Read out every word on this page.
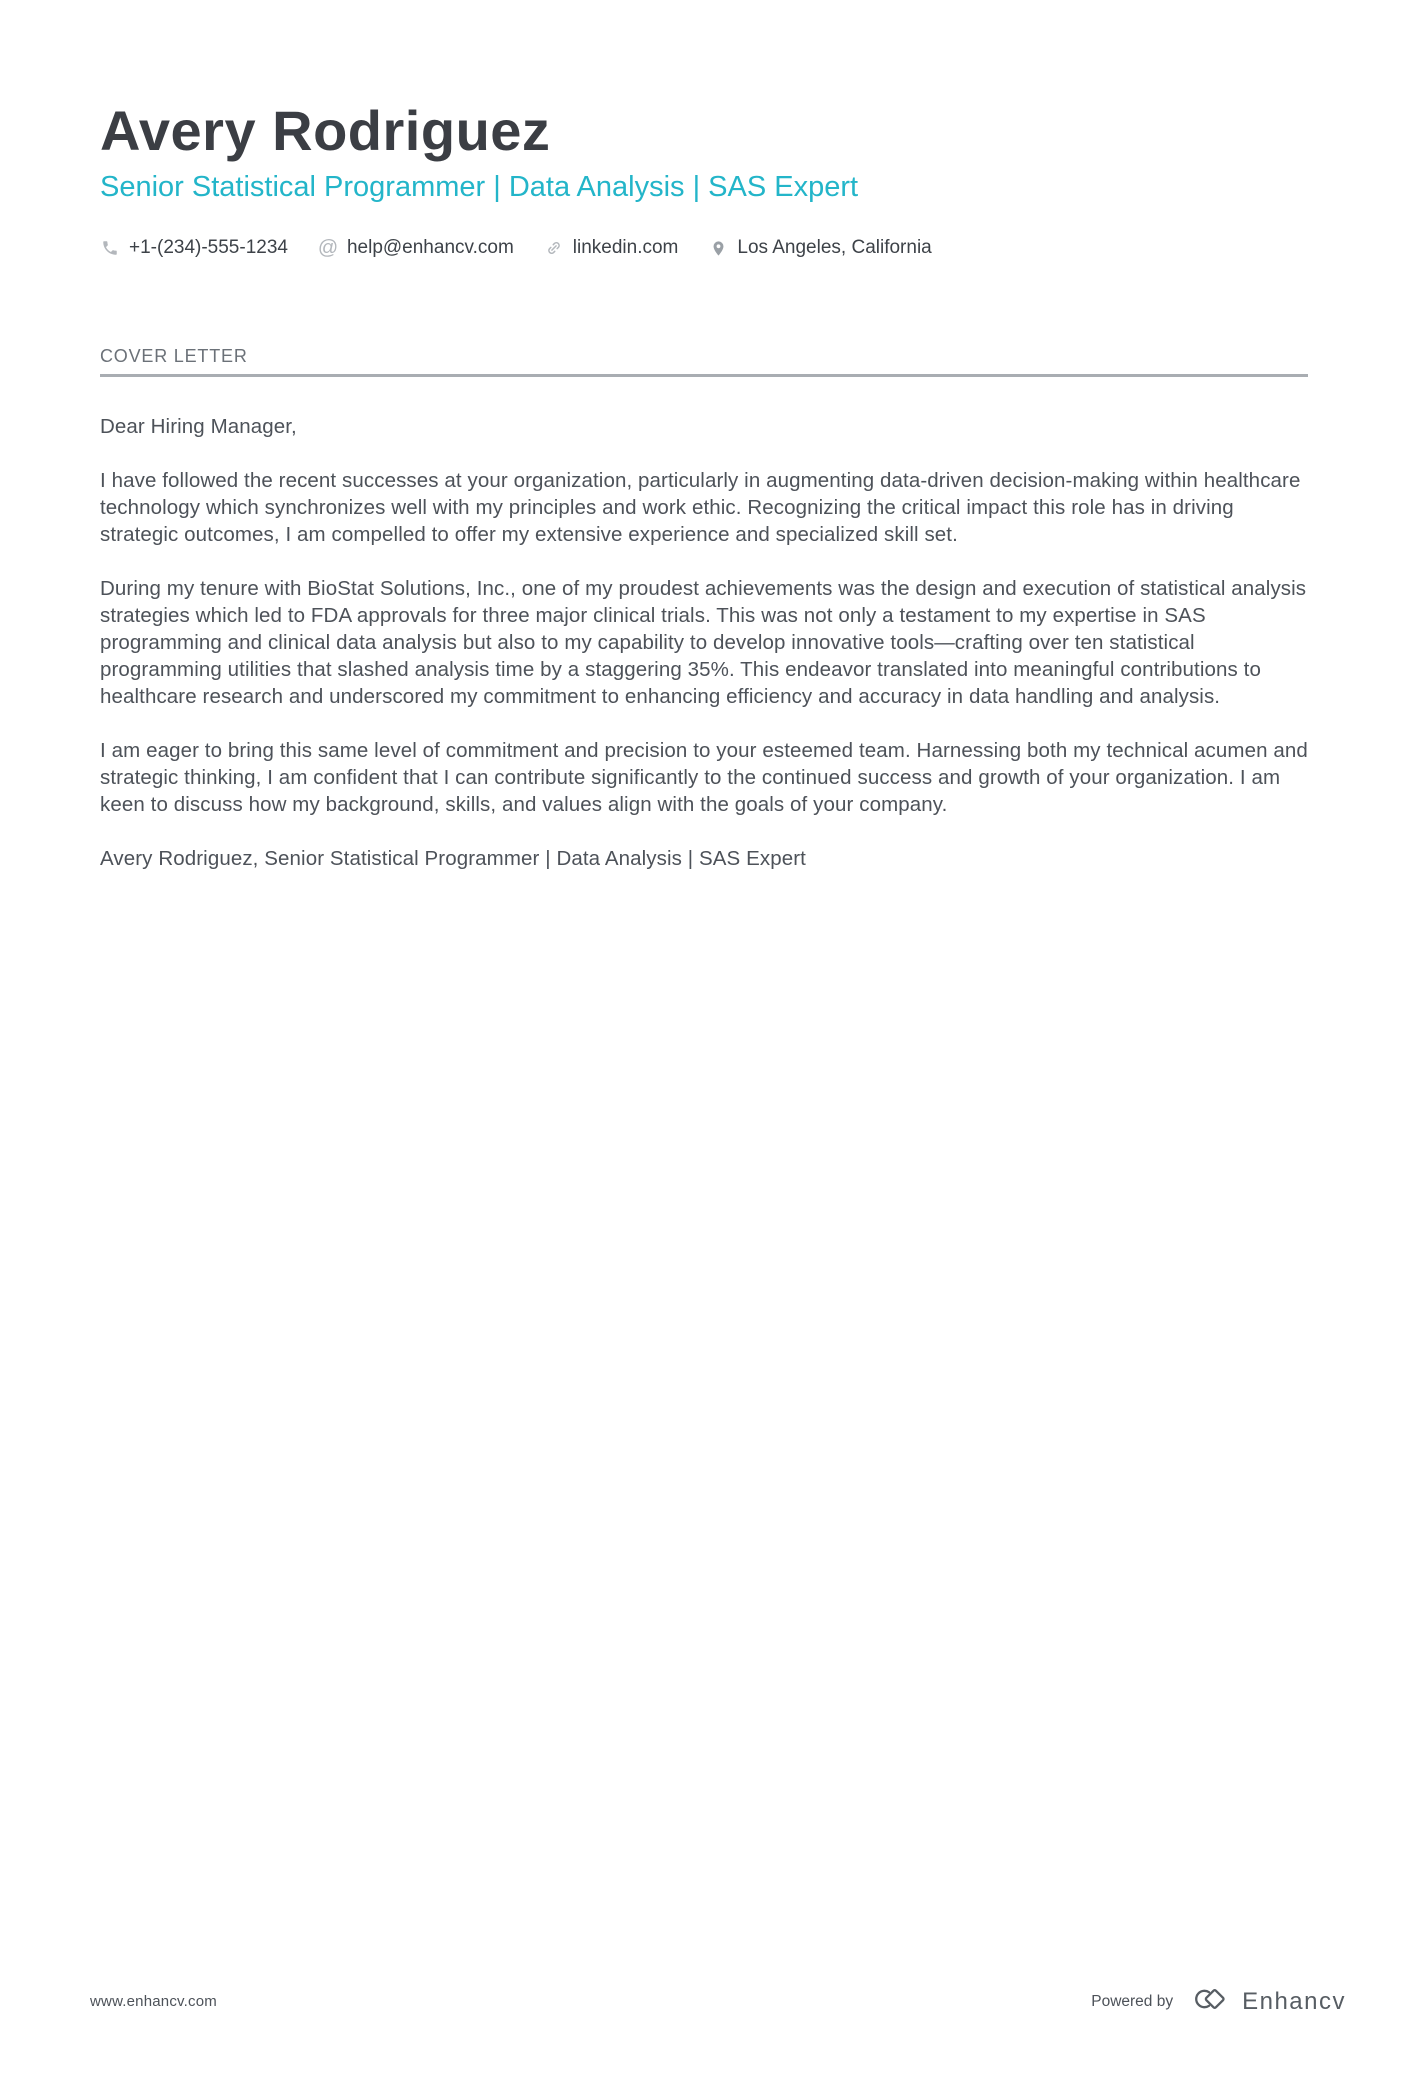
Avery Rodriguez
Senior Statistical Programmer | Data Analysis | SAS Expert
+1-(234)-555-1234 @ help@enhancv.com	linkedin.com	Los Angeles, California
COVER LETTER

Dear Hiring Manager,

I have followed the recent successes at your organization, particularly in augmenting data-driven decision-making within healthcare technology which synchronizes well with my principles and work ethic. Recognizing the critical impact this role has in driving strategic outcomes, I am compelled to offer my extensive experience and specialized skill set.

During my tenure with BioStat Solutions, Inc., one of my proudest achievements was the design and execution of statistical analysis strategies which led to FDA approvals for three major clinical trials. This was not only a testament to my expertise in SAS programming and clinical data analysis but also to my capability to develop innovative tools—crafting over ten statistical programming utilities that slashed analysis time by a staggering 35%. This endeavor translated into meaningful contributions to healthcare research and underscored my commitment to enhancing efficiency and accuracy in data handling and analysis.

I am eager to bring this same level of commitment and precision to your esteemed team. Harnessing both my technical acumen and strategic thinking, I am confident that I can contribute significantly to the continued success and growth of your organization. I am keen to discuss how my background, skills, and values align with the goals of your company.

Avery Rodriguez, Senior Statistical Programmer | Data Analysis | SAS Expert

www.enhancv.com	Powered by	Enhancv
